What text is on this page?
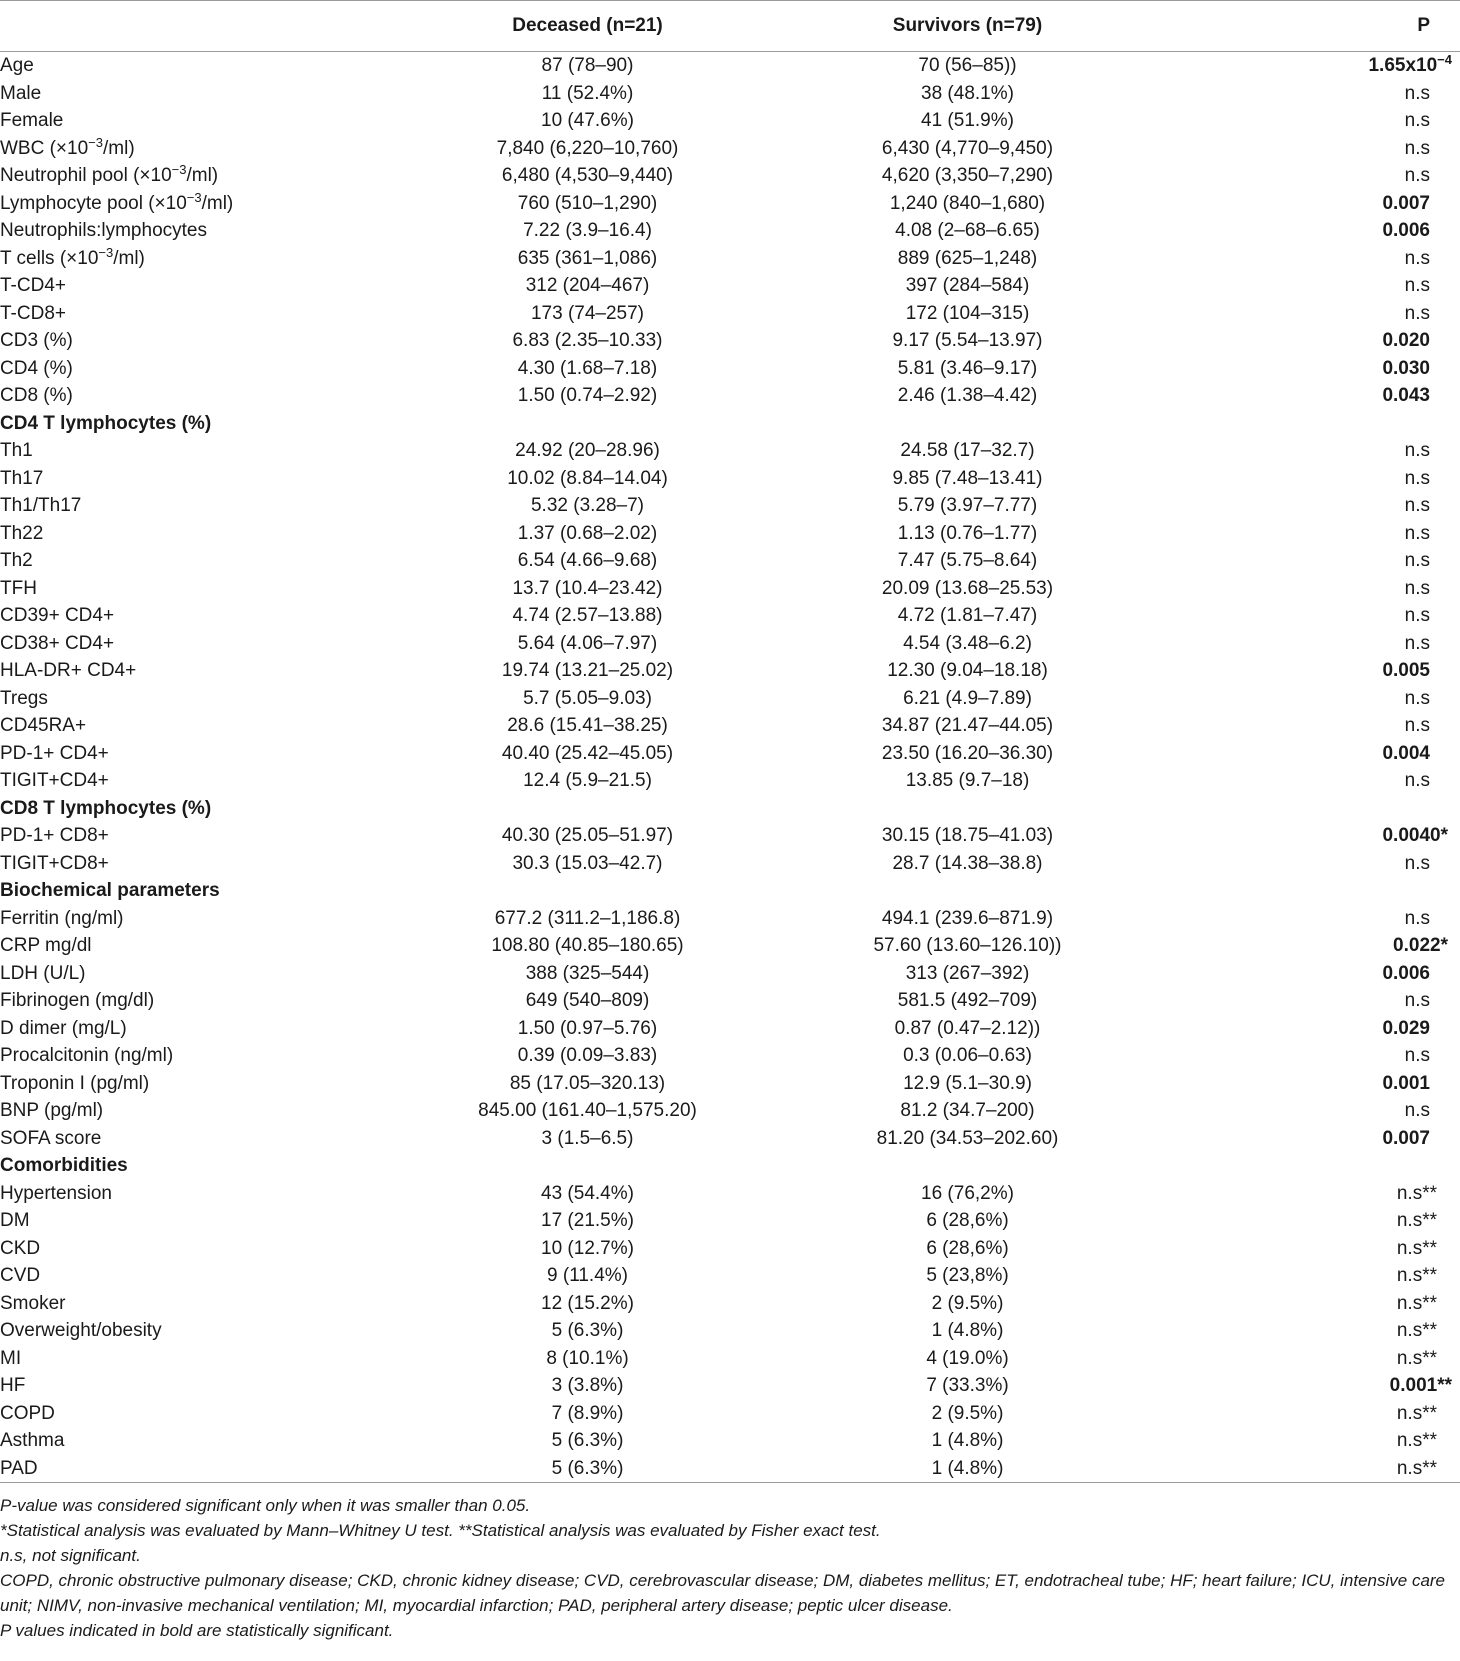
	Deceased (n=21)	Survivors (n=79)	P
Age	87 (78–90)	70 (56–85))	$1.65x10^{-4}$
Male	11 (52.4%)	38 (48.1%)	n.s
Female	10 (47.6%)	41 (51.9%)	n.s
WBC $(\times 10^{-3}/ml)$	7,840 (6,220–10,760)	6,430 (4,770–9,450)	n.s
Neutrophil pool $(\times 10^{-3}/ml)$	6,480 (4,530–9,440)	4,620 (3,350–7,290)	n.s
Lymphocyte pool $(\times 10^{-3}/ml)$	760 (510–1,290)	1,240 (840–1,680)	0.007
Neutrophils:lymphocytes	7.22 (3.9–16.4)	4.08 (2–68–6.65)	0.006
T cells $(\times 10^{-3}/ml)$	635 (361–1,086)	889 (625–1,248)	n.s
T-CD4+	312 (204–467)	397 (284–584)	n.s
T-CD8+	173 (74–257)	172 (104–315)	n.s
CD3 (%)	6.83 (2.35–10.33)	9.17 (5.54–13.97)	0.020
CD4 (%)	4.30 (1.68–7.18)	5.81 (3.46–9.17)	0.030
CD8 (%)	1.50 (0.74–2.92)	2.46 (1.38–4.42)	0.043
CD4 T lymphocytes (%)			
Th1	24.92 (20–28.96)	24.58 (17–32.7)	n.s
Th17	10.02 (8.84–14.04)	9.85 (7.48–13.41)	n.s
Th1/Th17	5.32 (3.28–7)	5.79 (3.97–7.77)	n.s
Th22	1.37 (0.68–2.02)	1.13 (0.76–1.77)	n.s
Th2	6.54 (4.66–9.68)	7.47 (5.75–8.64)	n.s
TFH	13.7 (10.4–23.42)	20.09 (13.68–25.53)	n.s
CD39+ CD4+	4.74 (2.57–13.88)	4.72 (1.81–7.47)	n.s
CD38+ CD4+	5.64 (4.06–7.97)	4.54 (3.48–6.2)	n.s
HLA-DR+ CD4+	19.74 (13.21–25.02)	12.30 (9.04–18.18)	0.005
Tregs	5.7 (5.05–9.03)	6.21 (4.9–7.89)	n.s
CD45RA+	28.6 (15.41–38.25)	34.87 (21.47–44.05)	n.s
PD-1+ CD4+	40.40 (25.42–45.05)	23.50 (16.20–36.30)	0.004
TIGIT+CD4+	12.4 (5.9–21.5)	13.85 (9.7–18)	n.s
CD8 T lymphocytes (%)			
PD-1+ CD8+	40.30 (25.05–51.97)	30.15 (18.75–41.03)	0.0040*
TIGIT+CD8+	30.3 (15.03–42.7)	28.7 (14.38–38.8)	n.s
Biochemical parameters			
Ferritin (ng/ml)	677.2 (311.2–1,186.8)	494.1 (239.6–871.9)	n.s
CRP mg/dl	108.80 (40.85–180.65)	57.60 (13.60–126.10))	0.022*
LDH (U/L)	388 (325–544)	313 (267–392)	0.006
Fibrinogen (mg/dl)	649 (540–809)	581.5 (492–709)	n.s
D dimer (mg/L)	1.50 (0.97–5.76)	0.87 (0.47–2.12))	0.029
Procalcitonin (ng/ml)	0.39 (0.09–3.83)	0.3 (0.06–0.63)	n.s
Troponin I (pg/ml)	85 (17.05–320.13)	12.9 (5.1–30.9)	0.001
BNP (pg/ml)	845.00 (161.40–1,575.20)	81.2 (34.7–200)	n.s
SOFA score	3 (1.5–6.5)	81.20 (34.53–202.60)	0.007
Comorbidities			
Hypertension	43 (54.4%)	16 (76,2%)	n.s**
DM	17 (21.5%)	6 (28,6%)	n.s**
CKD	10 (12.7%)	6 (28,6%)	n.s**
CVD	9 (11.4%)	5 (23,8%)	n.s**
Smoker	12 (15.2%)	2 (9.5%)	n.s**
Overweight/obesity	5 (6.3%)	1 (4.8%)	n.s**
MI	8 (10.1%)	4 (19.0%)	n.s**
HF	3 (3.8%)	7 (33.3%)	0.001**
COPD	7 (8.9%)	2 (9.5%)	n.s**
Asthma	5 (6.3%)	1 (4.8%)	n.s**
PAD	5 (6.3%)	1 (4.8%)	n.s**

P-value was considered significant only when it was smaller than 0.05.

*Statistical analysis was evaluated by Mann–Whitney U test. **Statistical analysis was evaluated by Fisher exact test.

n.s, not significant.

COPD, chronic obstructive pulmonary disease; CKD, chronic kidney disease; CVD, cerebrovascular disease; DM, diabetes mellitus; ET, endotracheal tube; HF; heart failure; ICU, intensive care unit; NIMV, non-invasive mechanical ventilation; MI, myocardial infarction; PAD, peripheral artery disease; peptic ulcer disease.

P values indicated in bold are statistically significant.
